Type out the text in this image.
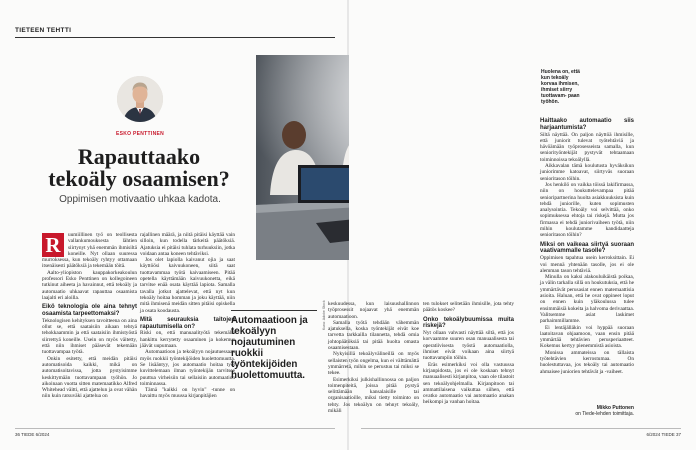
TIETEEN TEHTTI
ESKO PENTTINEN
Rapauttaako tekoäly osaamisen?
Oppimisen motivaatio uhkaa kadota.
R	uumiillinen työ on teollisesta vallankumouksesta lähtien siirtynyt yhä enemmän ihmisiltä koneille. Nyt ollaan suuressa murroksessa, kun tekoäly ryhtyy ottamaan itsenäisesti päätöksiä ja tekemään töitä.

Aalto-yliopiston kauppakorkeakoulun professori Esko Penttinen on kollegoineen tutkinut aiheeta ja havainnut, että tekoäly ja automaatio uhkaavat rapauttaa osaamista laajalti eri aloilla.

Eikö teknologia ole aina tehnyt osaamista tarpeettomaksi?

Teknologisen kehityksen tavoitteena on aina ollut se, että saataisiin aikaan tehtyä tehokkaammin ja että saataisiin ihmistyöstä siirrettyä koneille. Usein on myös väitetty, että niin ihmiset pääsevät tekemään tuottavampaa työtä.

Onkin esitetty, että meidän pitäisi automatisoida kaikki, mikä on automatisoitavissa, jotta pystyisimme keskittymään tuottavampaan työhön. Jo aikoinaan vuotta sitten matemaatikko Alfred Whitehead väitti, että ajattelun ja ovat vähän niin kuin ratsuväki ajattelua on

rajallinen määrä, ja niitä pitäisi käyttää vain silloin, kun todella tärkeitä päätöksiä. Ajatuksia ei pitäisi tuhlata turhuuksiin, jotka voidaan antaa koneen tehtäviksi.

Jos olet lapiolla kaivanut ojia ja saat käyttöösi kaivuukoneen, siitä saat tuottavammaa työtä kaivaamiseen. Pitää opetella käyttämään kaivuukonetta, eikä tarvitse enää osata käyttää lapiota. Samalla tavalla jotkut ajattelevat, että nyt kun tekoäly hoitaa homman ja joku käyttää, niin mitä ihmisenä meidän sitten pitäisi opiskella ja osata koodausta.

Mitä seurauksia taitojen rapautumisella on?

Riski on, että manuaalityötä tekemällä hankittu kerrytetty osaaminen ja kokemus jäävät uupumaan.

Automaatioon ja tekoälyyn nojautuessaan myös ruokkii työntekijöiden huolettomuutta. Se lisääntyy, jos automaatio hoitaa työt kuvittelemaan ilman työntekijän tarvitsee puuttua virheisiin tai sellaisiin automaation toiminnassa.

Tämä "kaikki on hyvin" -tunne on havaittu myös muussa kirjanpitäjien

36 TIEDE 6/2024
Huolena on, että kun tekoäly korvaa ihmisen, ihmiset siirry tuottavam- paan työhön.
Automaatioon ja tekoälyyn nojautuminen ruokkii työntekijöiden huolettomuutta.
Kuva: Adobe Stock keskuudessa, kun laisuushallinnon työprosessit nojaavat yhä enemmän automaatioon.

Samalla työtä tehdään vähemmän ajatuksella, koska työntekijät eivät koe tarvetta tarkkailla tilannetta, tehdä omia johtopäätöksiä tai pitää huolta omasta osaamisestaan.

Nykyisillä tekoälyvälineillä on myös sellaisten työn ongelma, kun ei välttämättä ymmärretä, mihin se perustuu tai miksi se tekee.

Esimerkiksi julkishallinnossa on paljon toimenpiteitä, joissa pitää pystyä selittämään kansalaisille tai organisaatioille, miksi tietty toiminto on tehty. Jos tekoälyn on tehnyt tekoäly, mikäli

ten tulokset selitetään ihmisille, jota tehty päätös koskee?

Onko tekoälybuumissa muita riskejä?

Nyt ollaan vahvasti näyttää siltä, että jos korvaamme suuren osan manuaalisesta tai operatiivisesta työstä automaatiolla, ihmiset eivät voikaan aina siirtyä tuottavampiin töihin.

Eräs esimerkiksi voi olla vastuussa kirjanpidosta, jos ei ole koskaan tehnyt manuaalisesti kirjanpitoa, vaan ole tilastoit sen tekoälyohjelmalla. Kirjanpitoon tai ammattilaisena vaikuttaa siihen, että ovatko automaatio vai automaatio anakan heikompi ja vanhan hoitaa.

Haittaako automaatio siis harjaantumista?

Siltä näyttää. On paljon näyttöä ihmisille, että juniorit tulevat työtehtäviä ja hävöämään työprosesseista samalla, kun seniorityöntekijät pystyvät tehtaamaan toiminnoissa tekoälyllä.

Aikkavalan tämä koulutusta hyväksikun juniorimme katoavat, siirtyväs suoraan senioritason töihin.

Jos henkilö on vaikka töissä lakifirmassa, niin on houkuttelevampaa pitää senioripartnerina huolta asiakkuuksista kuin tehdä juniorille, kuten sopimusten analysointia. Tekoäly voi selvittää, onko sopimuksessa ehtoja tai riskejä. Mutta jos firmassa ei tehdä juniorivaiheen työtä, niin mihin koulutamme kandidaatteja senioritason töihin?

Miksi on vaikeaa siirtyä suoraan vaativammalle tasolle?

Oppimisen tapahtua usein kerroksittain. Ei voi mennä yhtenään tasolle, jos ei ole alemman tason tehtäviä.

Minulla on kaksi alakouluikäistä poikaa, ja välin tarkalla sillä on houkutuksia, että he ymmärtävät perusasiat ennen matemaattisia asioita. Haluan, että he ovat oppineet loput on ennen kuin yläkoulussa tulee ensimmäisiä kokeita ja halvoma derivaattaa. Valitsemme asiat laskimet parhaimmillamme.

Ei lentäjälläkin voi hyppää suoraan laatoitavan ohjaamoon, vaan ensin pitää ymmärtää tehtävien perusperiaatteet. Kokemus kertyy pienemmistä asioista.

Monissa ammateissa on tällaista työtehtävien kerrostumaa. On huolestuttavaa, jos tekoäly tai automaatio ahmaisee juniorien tehtävät ja -vaiheet.

Mikko Puttonen
on Tiede-lehden toimittaja.
6/2024 TIEDE 37
